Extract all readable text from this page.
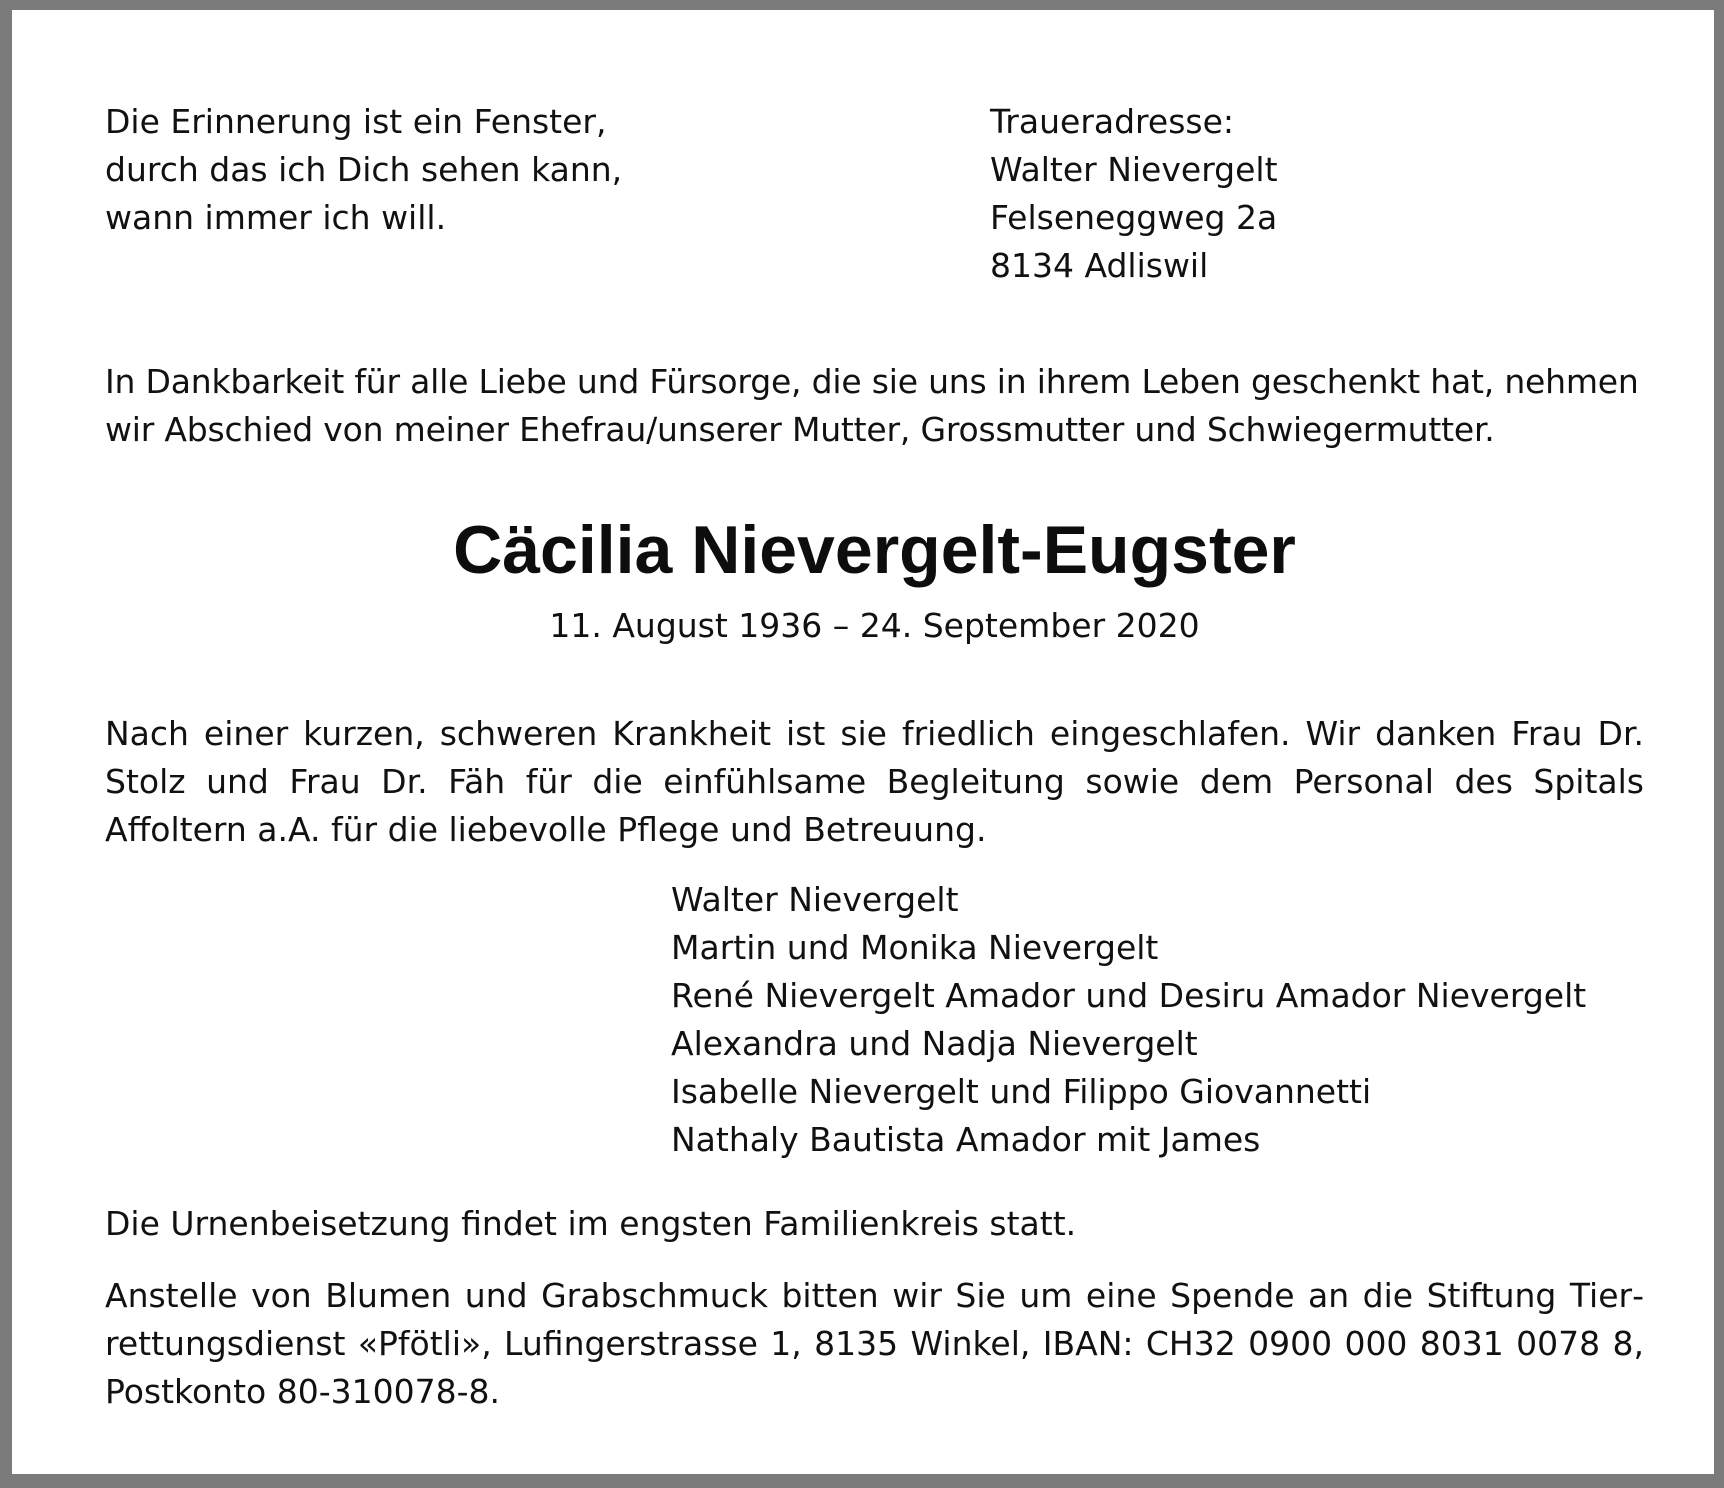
Die Erinnerung ist ein Fenster,
durch das ich Dich sehen kann,
wann immer ich will.
Traueradresse:
Walter Nievergelt
Felseneggweg 2a
8134 Adliswil
In Dankbarkeit für alle Liebe und Fürsorge, die sie uns in ihrem Leben geschenkt hat, nehmen
wir Abschied von meiner Ehefrau/unserer Mutter, Grossmutter und Schwiegermutter.
Cäcilia Nievergelt-Eugster
11. August 1936 – 24. September 2020
Nach einer kurzen, schweren Krankheit ist sie friedlich eingeschlafen. Wir danken Frau Dr. Stolz und Frau Dr. Fäh für die einfühlsame Begleitung sowie dem Personal des Spitals Affoltern a.A. für die liebevolle Pflege und Betreuung.
Walter Nievergelt
Martin und Monika Nievergelt
René Nievergelt Amador und Desiru Amador Nievergelt
Alexandra und Nadja Nievergelt
Isabelle Nievergelt und Filippo Giovannetti
Nathaly Bautista Amador mit James
Die Urnenbeisetzung findet im engsten Familienkreis statt.
Anstelle von Blumen und Grabschmuck bitten wir Sie um eine Spende an die Stiftung Tierrettungsdienst «Pfötli», Lufingerstrasse 1, 8135 Winkel, IBAN: CH32 0900 000 8031 0078 8, Postkonto 80-310078-8.
